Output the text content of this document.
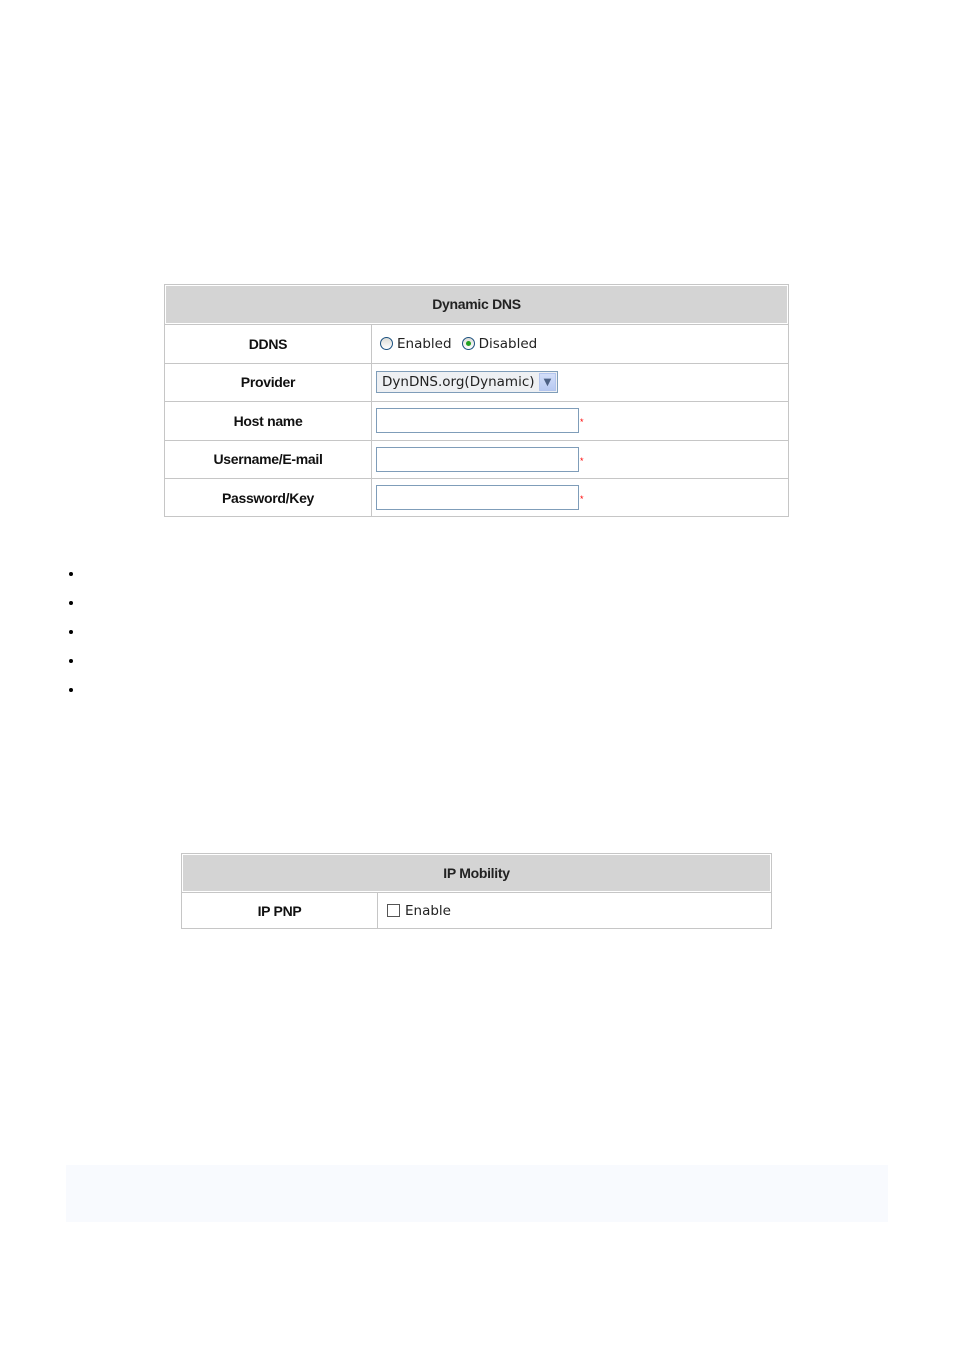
Dynamic DNS
DDNS	Enabled Disabled
Provider	DynDNS.org(Dynamic) ▼
Host name	*
Username/E-mail	*
Password/Key	*
IP Mobility
IP PNP	Enable
